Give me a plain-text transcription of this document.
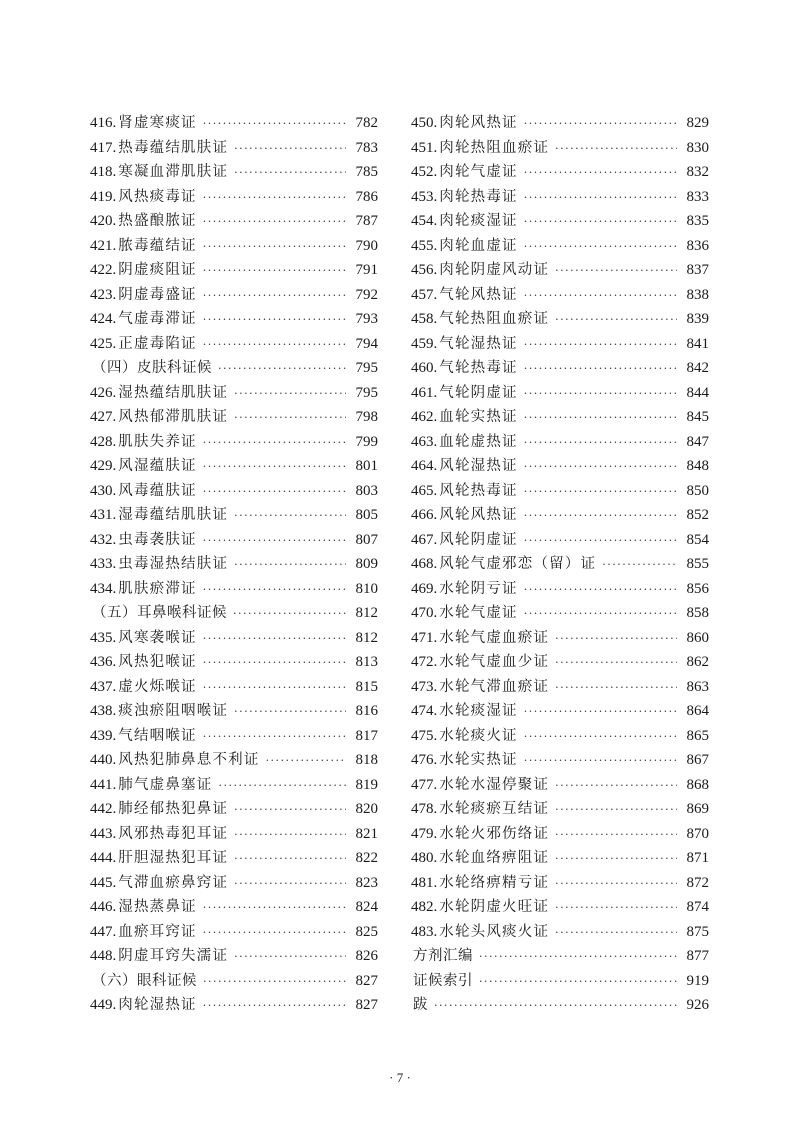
416. 肾虚寒痰证 ·····	782
417. 热毒蕴结肌肤证 ·····	783
418. 寒凝血滞肌肤证 ·····	785
419. 风热痰毒证 ·····	786
420. 热盛酿脓证 ·····	787
421. 脓毒蕴结证 ·····	790
422. 阴虚痰阻证 ·····	791
423. 阴虚毒盛证 ·····	792
424. 气虚毒滞证 ·····	793
425. 正虚毒陷证 ·····	794
（四）皮肤科证候 ·····	795
426. 湿热蕴结肌肤证 ·····	795
427. 风热郁滞肌肤证 ·····	798
428. 肌肤失养证 ·····	799
429. 风湿蕴肤证 ·····	801
430. 风毒蕴肤证 ·····	803
431. 湿毒蕴结肌肤证 ·····	805
432. 虫毒袭肤证 ·····	807
433. 虫毒湿热结肤证 ·····	809
434. 肌肤瘀滞证 ·····	810
（五）耳鼻喉科证候 ·····	812
435. 风寒袭喉证 ·····	812
436. 风热犯喉证 ·····	813
437. 虚火烁喉证 ·····	815
438. 痰浊瘀阻咽喉证 ·····	816
439. 气结咽喉证 ·····	817
440. 风热犯肺鼻息不利证 ·····	818
441. 肺气虚鼻塞证 ·····	819
442. 肺经郁热犯鼻证 ·····	820
443. 风邪热毒犯耳证 ·····	821
444. 肝胆湿热犯耳证 ·····	822
445. 气滞血瘀鼻窍证 ·····	823
446. 湿热蒸鼻证 ·····	824
447. 血瘀耳窍证 ·····	825
448. 阴虚耳窍失濡证 ·····	826
（六）眼科证候 ·····	827
449. 肉轮湿热证 ·····	827
450. 肉轮风热证 ·····	829
451. 肉轮热阻血瘀证 ·····	830
452. 肉轮气虚证 ·····	832
453. 肉轮热毒证 ·····	833
454. 肉轮痰湿证 ·····	835
455. 肉轮血虚证 ·····	836
456. 肉轮阴虚风动证 ·····	837
457. 气轮风热证 ·····	838
458. 气轮热阻血瘀证 ·····	839
459. 气轮湿热证 ·····	841
460. 气轮热毒证 ·····	842
461. 气轮阴虚证 ·····	844
462. 血轮实热证 ·····	845
463. 血轮虚热证 ·····	847
464. 风轮湿热证 ·····	848
465. 风轮热毒证 ·····	850
466. 风轮风热证 ·····	852
467. 风轮阴虚证 ·····	854
468. 风轮气虚邪恋（留）证 ·····	855
469. 水轮阴亏证 ·····	856
470. 水轮气虚证 ·····	858
471. 水轮气虚血瘀证 ·····	860
472. 水轮气虚血少证 ·····	862
473. 水轮气滞血瘀证 ·····	863
474. 水轮痰湿证 ·····	864
475. 水轮痰火证 ·····	865
476. 水轮实热证 ·····	867
477. 水轮水湿停聚证 ·····	868
478. 水轮痰瘀互结证 ·····	869
479. 水轮火邪伤络证 ·····	870
480. 水轮血络痹阻证 ·····	871
481. 水轮络痹精亏证 ·····	872
482. 水轮阴虚火旺证 ·····	874
483. 水轮头风痰火证 ·····	875
方剂汇编 ·····	877
证候索引 ·····	919
跋 ·····	926
· 7 ·
